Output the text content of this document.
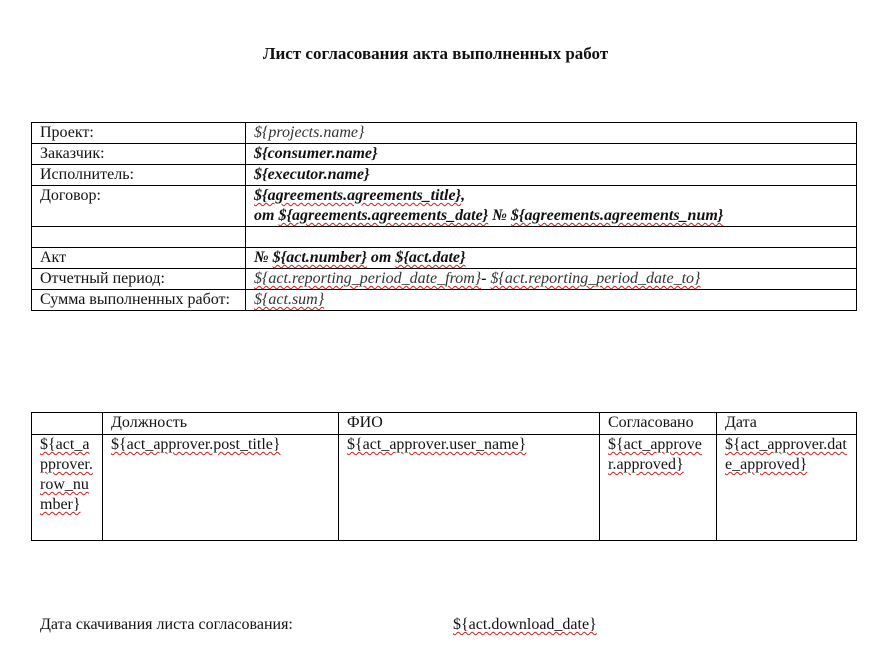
Лист согласования акта выполненных работ
Проект:	${projects.name}
Заказчик:	${consumer.name}
Исполнитель:	${executor.name}
Договор:	${agreements.agreements_title},
от ${agreements.agreements_date} № ${agreements.agreements_num}

Акт	№ ${act.number} от ${act.date}
Отчетный период:	${act.reporting_period_date_from}- ${act.reporting_period_date_to}
Сумма выполненных работ:	${act.sum}
	Должность	ФИО	Согласовано	Дата
${act_approver.row_number}	${act_approver.post_title}	${act_approver.user_name}	${act_approver.approved}	${act_approver.date_approved}
Дата скачивания листа согласования:	${act.download_date}
